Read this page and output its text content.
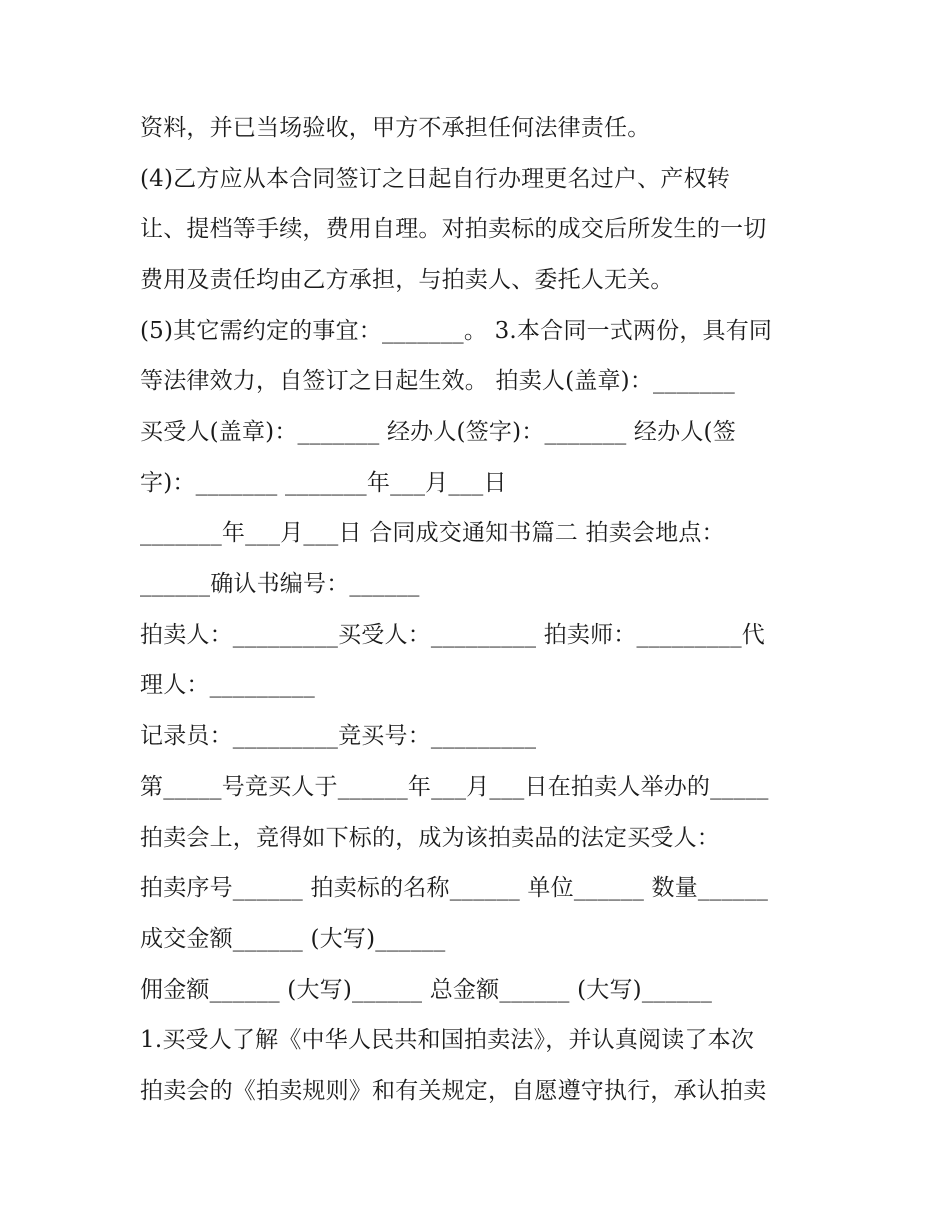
资料，并已当场验收，甲方不承担任何法律责任。
(4)乙方应从本合同签订之日起自行办理更名过户、产权转
让、提档等手续，费用自理。对拍卖标的成交后所发生的一切
费用及责任均由乙方承担，与拍卖人、委托人无关。
(5)其它需约定的事宜：_______。 3.本合同一式两份，具有同
等法律效力，自签订之日起生效。 拍卖人(盖章)：_______
买受人(盖章)：_______ 经办人(签字)：_______ 经办人(签
字)：_______ _______年___月___日
_______年___月___日 合同成交通知书篇二 拍卖会地点：
______确认书编号：______
拍卖人：_________买受人：_________ 拍卖师：_________代
理人：_________
记录员：_________竞买号：_________
第_____号竞买人于______年___月___日在拍卖人举办的_____
拍卖会上，竞得如下标的，成为该拍卖品的法定买受人：
拍卖序号______ 拍卖标的名称______ 单位______ 数量______
成交金额______ (大写)______
佣金额______ (大写)______ 总金额______ (大写)______
1.买受人了解《中华人民共和国拍卖法》，并认真阅读了本次
拍卖会的《拍卖规则》和有关规定，自愿遵守执行，承认拍卖
